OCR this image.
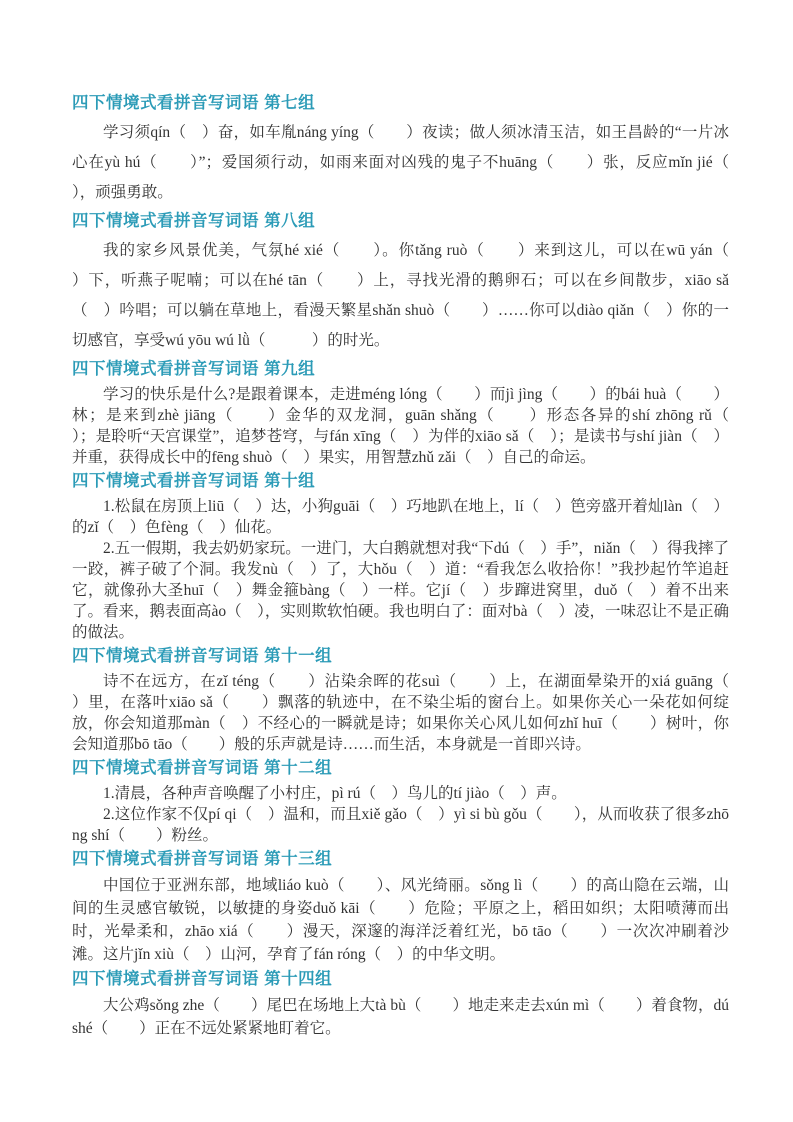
四下情境式看拼音写词语 第七组

学习须qín（　）奋，如车胤náng yíng（　　）夜读；做人须冰清玉洁，如王昌龄的“一片冰心在yù hú（　　）”；爱国须行动，如雨来面对凶残的鬼子不huāng（　　）张，反应mǐn jié（　　），顽强勇敢。

四下情境式看拼音写词语 第八组

我的家乡风景优美，气氛hé xié（　　）。你tǎng ruò（　　）来到这儿，可以在wū yán（　　）下，听燕子呢喃；可以在hé tān（　　）上，寻找光滑的鹅卵石；可以在乡间散步，xiāo sǎ（　）吟唱；可以躺在草地上，看漫天繁星shǎn shuò（　　）……你可以diào qiǎn（　）你的一切感官，享受wú yōu wú lǜ（　　　）的时光。

四下情境式看拼音写词语 第九组

学习的快乐是什么?是跟着课本，走进méng lóng（　　）而jì jìng（　　）的bái huà（　　）林；是来到zhè jiāng（　　）金华的双龙洞，guān shǎng（　　）形态各异的shí zhōng rǔ（　　）；是聆听“天宫课堂”，追梦苍穹，与fán xīng（　）为伴的xiāo sǎ（　）；是读书与shí jiàn（　）并重，获得成长中的fēng shuò（　）果实，用智慧zhǔ zǎi（　）自己的命运。

四下情境式看拼音写词语 第十组

1.松鼠在房顶上liū（　）达，小狗guāi（　）巧地趴在地上，lí（　）笆旁盛开着灿làn（　）的zǐ（　）色fèng（　）仙花。

2.五一假期，我去奶奶家玩。一进门，大白鹅就想对我“下dú（　）手”，niǎn（　）得我摔了一跤，裤子破了个洞。我发nù（　）了，大hǒu（　）道：“看我怎么收拾你！”我抄起竹竿追赶它，就像孙大圣huī（　）舞金箍bàng（　）一样。它jí（　）步蹿进窝里，duǒ（　）着不出来了。看来，鹅表面高ào（　），实则欺软怕硬。我也明白了：面对bà（　）凌，一味忍让不是正确的做法。

四下情境式看拼音写词语 第十一组

诗不在远方，在zǐ téng（　　）沾染余晖的花suì（　　）上，在湖面晕染开的xiá guāng（　　）里，在落叶xiāo sǎ（　　）飘落的轨迹中，在不染尘垢的窗台上。如果你关心一朵花如何绽放，你会知道那màn（　）不经心的一瞬就是诗；如果你关心风儿如何zhǐ huī（　　）树叶，你会知道那bō tāo（　　）般的乐声就是诗……而生活，本身就是一首即兴诗。

四下情境式看拼音写词语 第十二组

1.清晨，各种声音唤醒了小村庄，pì rú（　）鸟儿的tí jiào（　）声。

2.这位作家不仅pí qi（　）温和，而且xiě gǎo（　）yì si bù gǒu（　　），从而收获了很多zhōng shí（　　）粉丝。

四下情境式看拼音写词语 第十三组

中国位于亚洲东部，地域liáo kuò（　　）、风光绮丽。sǒng lì（　　）的高山隐在云端，山间的生灵感官敏锐，以敏捷的身姿duǒ kāi（　　）危险；平原之上，稻田如织；太阳喷薄而出时，光晕柔和，zhāo xiá（　　）漫天，深邃的海洋泛着红光，bō tāo（　　）一次次冲刷着沙滩。这片jǐn xiù（　）山河，孕育了fán róng（　）的中华文明。

四下情境式看拼音写词语 第十四组

大公鸡sǒng zhe（　　）尾巴在场地上大tà bù（　　）地走来走去xún mì（　　）着食物，dú shé（　　）正在不远处紧紧地盯着它。
